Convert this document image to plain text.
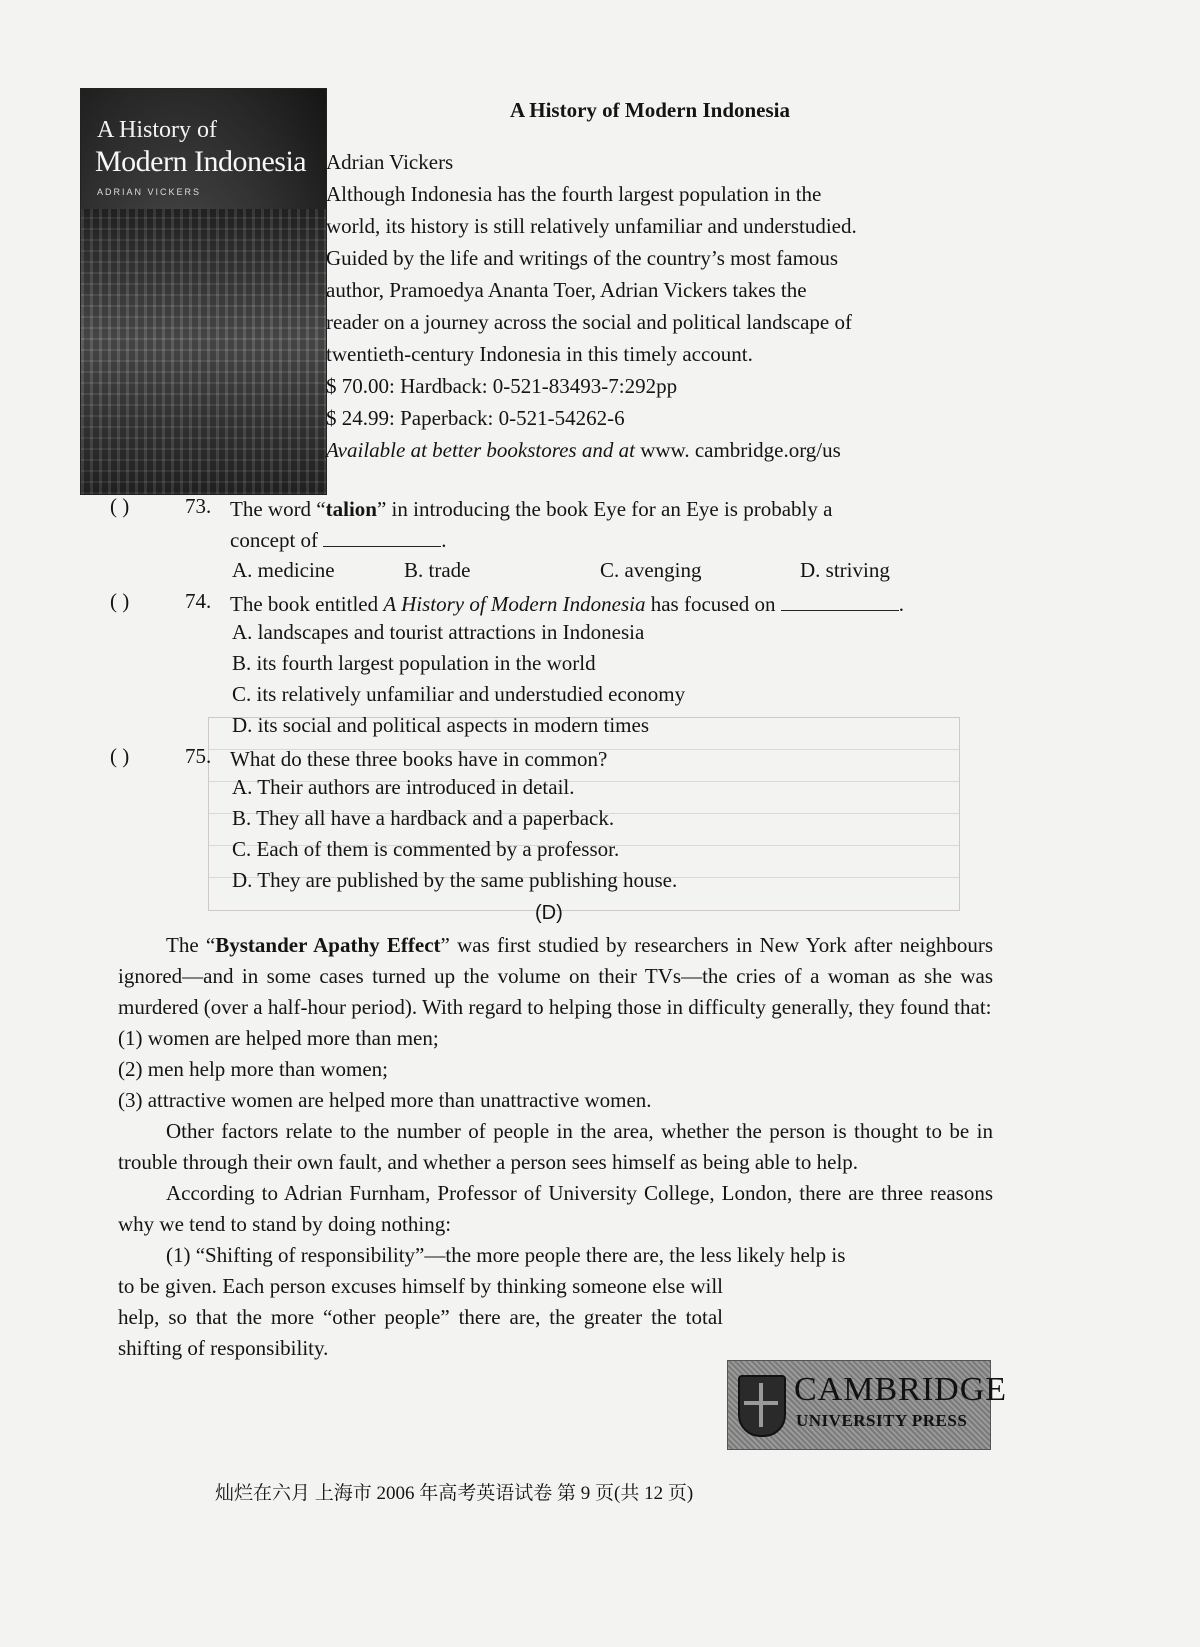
A History of
Modern Indonesia
ADRIAN VICKERS
A History of Modern Indonesia
Adrian Vickers

Although Indonesia has the fourth largest population in the
world, its history is still relatively unfamiliar and understudied.
Guided by the life and writings of the country’s most famous
author, Pramoedya Ananta Toer, Adrian Vickers takes the
reader on a journey across the social and political landscape of
twentieth-century Indonesia in this timely account.

$ 70.00: Hardback: 0-521-83493-7:292pp
$ 24.99: Paperback: 0-521-54262-6
Available at better bookstores and at www. cambridge.org/us
( )	73. The word “talion” in introducing the book Eye for an Eye is probably a
concept of	.
A. medicine	B. trade	C. avenging	D. striving
( )	74. The book entitled A History of Modern Indonesia has focused on	.
A. landscapes and tourist attractions in Indonesia
B. its fourth largest population in the world
C. its relatively unfamiliar and understudied economy
D. its social and political aspects in modern times
( )	75. What do these three books have in common?
A. Their authors are introduced in detail.
B. They all have a hardback and a paperback.
C. Each of them is commented by a professor.
D. They are published by the same publishing house.
(D)

The “Bystander Apathy Effect” was first studied by researchers in New York after neighbours ignored—and in some cases turned up the volume on their TVs—the cries of a woman as she was murdered (over a half-hour period). With regard to helping those in difficulty generally, they found that:

(1) women are helped more than men;

(2) men help more than women;

(3) attractive women are helped more than unattractive women.

Other factors relate to the number of people in the area, whether the person is thought to be in trouble through their own fault, and whether a person sees himself as being able to help.

According to Adrian Furnham, Professor of University College, London, there are three reasons why we tend to stand by doing nothing:

(1) “Shifting of responsibility”—the more people there are, the less likely help is

to be given. Each person excuses himself by thinking someone else will help, so that the more “other people” there are, the greater the total shifting of responsibility.

CAMBRIDGE
UNIVERSITY PRESS
灿烂在六月 上海市 2006 年高考英语试卷 第 9 页(共 12 页)
